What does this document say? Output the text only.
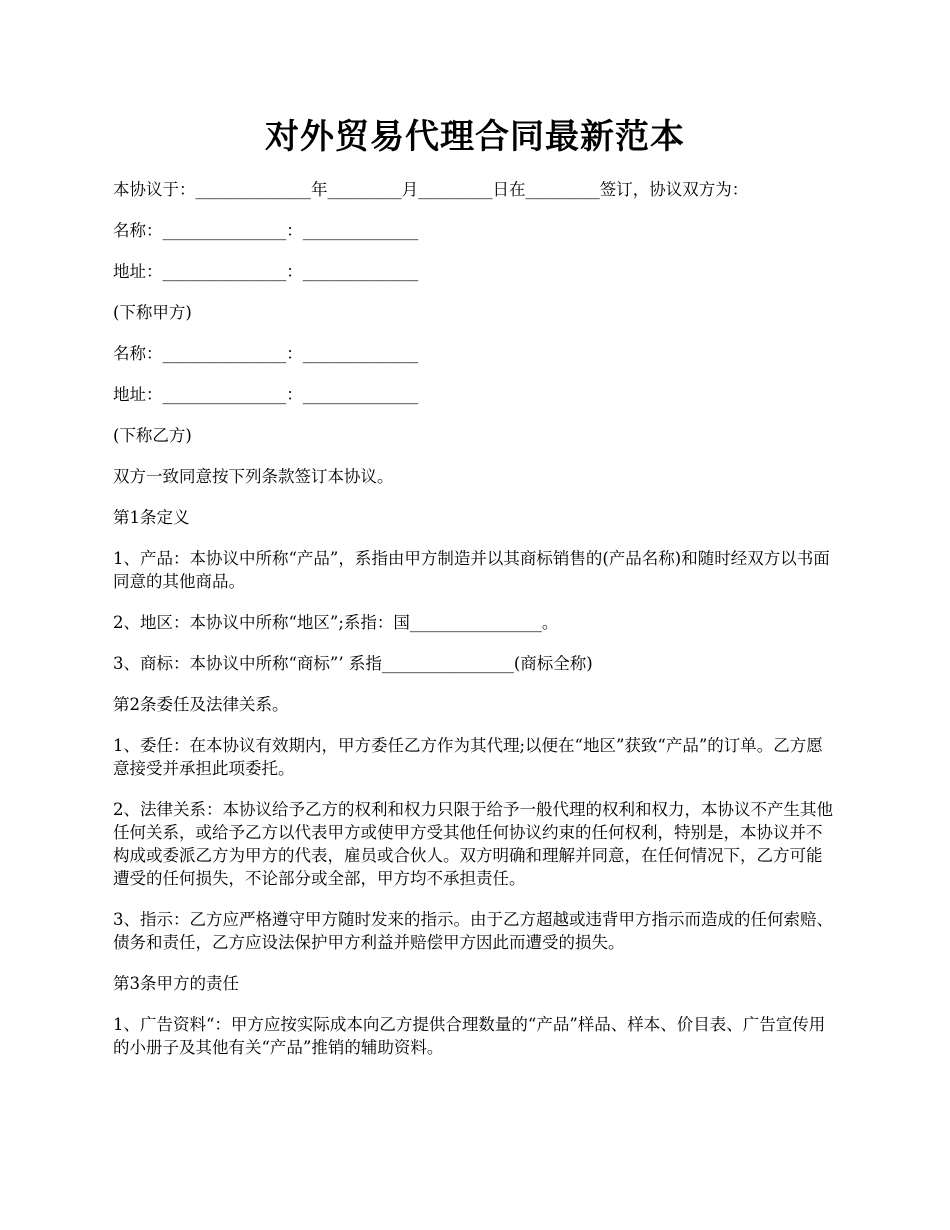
对外贸易代理合同最新范本

本协议于：______________年_________月_________日在_________签订，协议双方为：

名称：_______________：______________

地址：_______________：______________

(下称甲方)

名称：_______________：______________

地址：_______________：______________

(下称乙方)

双方一致同意按下列条款签订本协议。

第1条定义

1、产品：本协议中所称“产品”，系指由甲方制造并以其商标销售的(产品名称)和随时经双方以书面同意的其他商品。

2、地区：本协议中所称“地区”;系指：国________________。

3、商标：本协议中所称“商标”’ 系指________________(商标全称)

第2条委任及法律关系。

1、委任：在本协议有效期内，甲方委任乙方作为其代理;以便在“地区”获致“产品”的订单。乙方愿意接受并承担此项委托。

2、法律关系：本协议给予乙方的权利和权力只限于给予一般代理的权利和权力，本协议不产生其他任何关系，或给予乙方以代表甲方或使甲方受其他任何协议约束的任何权利，特别是，本协议并不构成或委派乙方为甲方的代表，雇员或合伙人。双方明确和理解并同意，在任何情况下，乙方可能遭受的任何损失，不论部分或全部，甲方均不承担责任。

3、指示：乙方应严格遵守甲方随时发来的指示。由于乙方超越或违背甲方指示而造成的任何索赔、债务和责任，乙方应设法保护甲方利益并赔偿甲方因此而遭受的损失。

第3条甲方的责任

1、广告资料“：甲方应按实际成本向乙方提供合理数量的“产品”样品、样本、价目表、广告宣传用的小册子及其他有关“产品”推销的辅助资料。
